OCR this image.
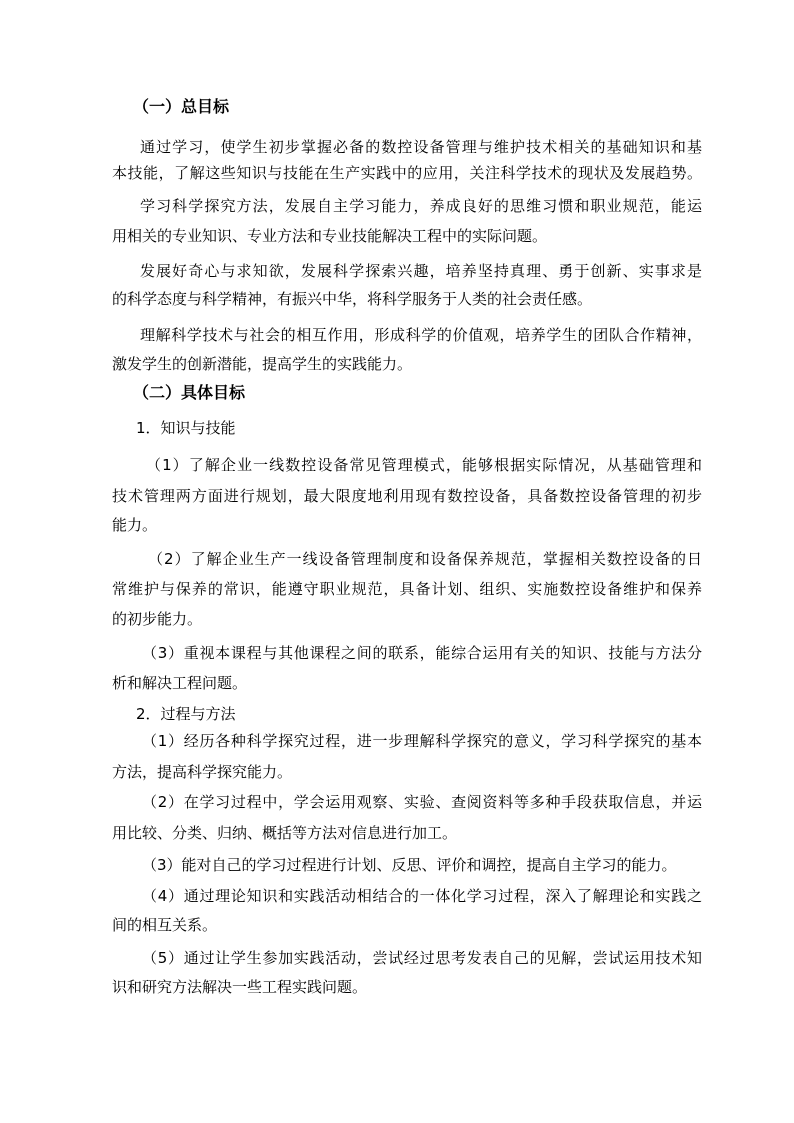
（一）总目标
通过学习，使学生初步掌握必备的数控设备管理与维护技术相关的基础知识和基
本技能，了解这些知识与技能在生产实践中的应用，关注科学技术的现状及发展趋势。
学习科学探究方法，发展自主学习能力，养成良好的思维习惯和职业规范，能运
用相关的专业知识、专业方法和专业技能解决工程中的实际问题。
发展好奇心与求知欲，发展科学探索兴趣，培养坚持真理、勇于创新、实事求是
的科学态度与科学精神，有振兴中华，将科学服务于人类的社会责任感。
理解科学技术与社会的相互作用，形成科学的价值观，培养学生的团队合作精神，
激发学生的创新潜能，提高学生的实践能力。
（二）具体目标
1．知识与技能
（1）了解企业一线数控设备常见管理模式，能够根据实际情况，从基础管理和
技术管理两方面进行规划，最大限度地利用现有数控设备，具备数控设备管理的初步
能力。
（2）了解企业生产一线设备管理制度和设备保养规范，掌握相关数控设备的日
常维护与保养的常识，能遵守职业规范，具备计划、组织、实施数控设备维护和保养
的初步能力。
（3）重视本课程与其他课程之间的联系，能综合运用有关的知识、技能与方法分
析和解决工程问题。
2．过程与方法
（1）经历各种科学探究过程，进一步理解科学探究的意义，学习科学探究的基本
方法，提高科学探究能力。
（2）在学习过程中，学会运用观察、实验、查阅资料等多种手段获取信息，并运
用比较、分类、归纳、概括等方法对信息进行加工。
（3）能对自己的学习过程进行计划、反思、评价和调控，提高自主学习的能力。
（4）通过理论知识和实践活动相结合的一体化学习过程，深入了解理论和实践之
间的相互关系。
（5）通过让学生参加实践活动，尝试经过思考发表自己的见解，尝试运用技术知
识和研究方法解决一些工程实践问题。
